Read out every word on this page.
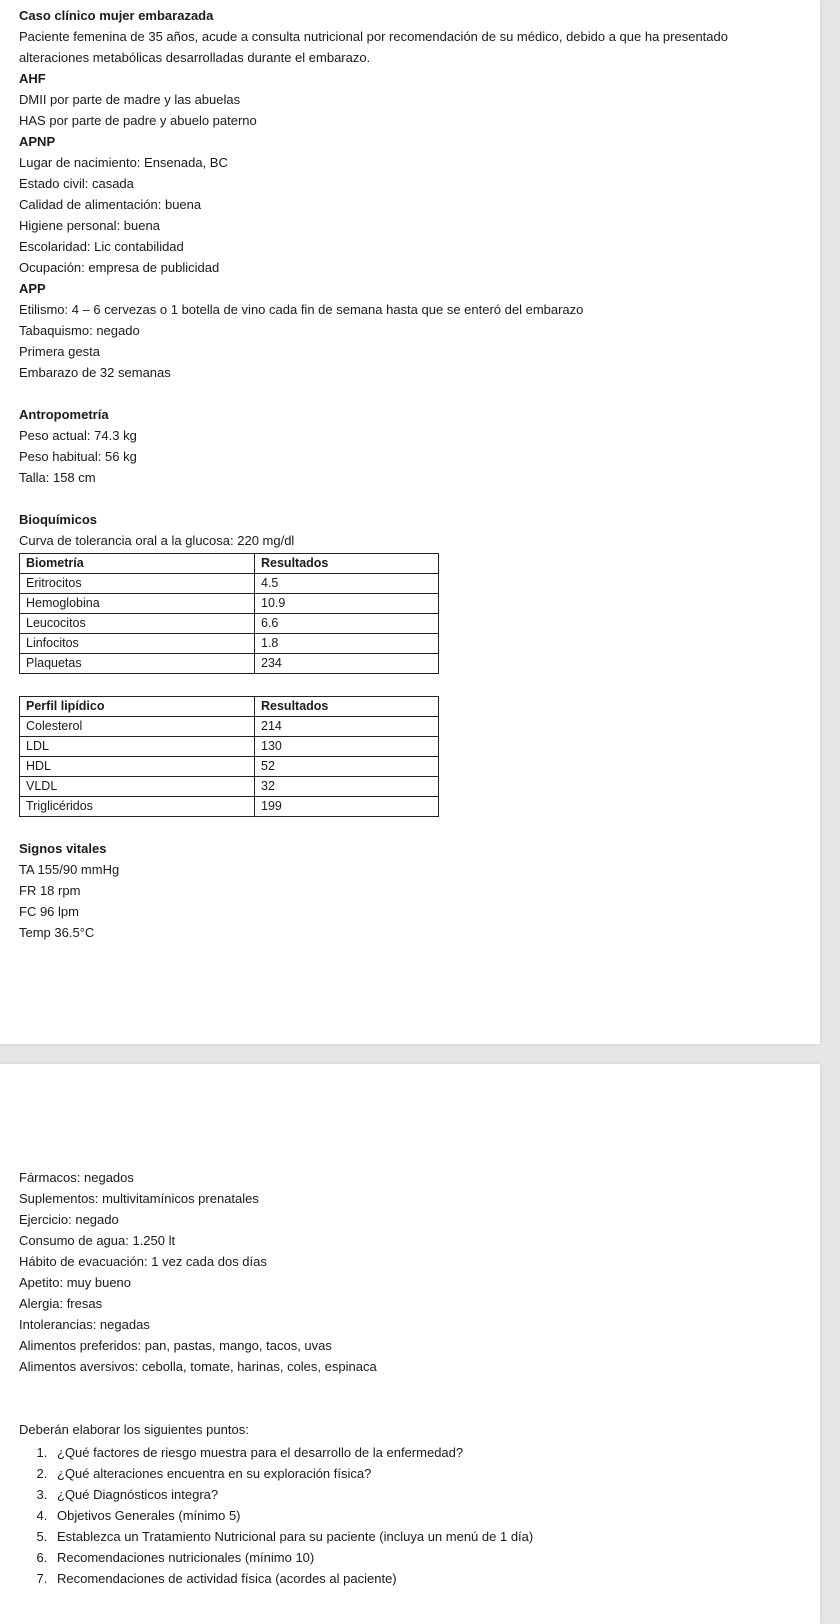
Caso clínico mujer embarazada
Paciente femenina de 35 años, acude a consulta nutricional por recomendación de su médico, debido a que ha presentado alteraciones metabólicas desarrolladas durante el embarazo.
AHF
DMII por parte de madre y las abuelas
HAS por parte de padre y abuelo paterno
APNP
Lugar de nacimiento: Ensenada, BC
Estado civil: casada
Calidad de alimentación: buena
Higiene personal: buena
Escolaridad: Lic contabilidad
Ocupación: empresa de publicidad
APP
Etilismo: 4 – 6 cervezas o 1 botella de vino cada fin de semana hasta que se enteró del embarazo
Tabaquismo: negado
Primera gesta
Embarazo de 32 semanas
Antropometría
Peso actual: 74.3 kg
Peso habitual: 56 kg
Talla: 158 cm
Bioquímicos
Curva de tolerancia oral a la glucosa: 220 mg/dl
Biometría	Resultados
Eritrocitos	4.5
Hemoglobina	10.9
Leucocitos	6.6
Linfocitos	1.8
Plaquetas	234
Perfil lipídico	Resultados
Colesterol	214
LDL	130
HDL	52
VLDL	32
Triglicéridos	199
Signos vitales
TA 155/90 mmHg
FR 18 rpm
FC 96 lpm
Temp 36.5°C
Fármacos: negados
Suplementos: multivitamínicos prenatales
Ejercicio: negado
Consumo de agua: 1.250 lt
Hábito de evacuación: 1 vez cada dos días
Apetito: muy bueno
Alergia: fresas
Intolerancias: negadas
Alimentos preferidos: pan, pastas, mango, tacos, uvas
Alimentos aversivos: cebolla, tomate, harinas, coles, espinaca
Deberán elaborar los siguientes puntos:
1. ¿Qué factores de riesgo muestra para el desarrollo de la enfermedad?
2. ¿Qué alteraciones encuentra en su exploración física?
3. ¿Qué Diagnósticos integra?
4. Objetivos Generales (mínimo 5)
5. Establezca un Tratamiento Nutricional para su paciente (incluya un menú de 1 día)
6. Recomendaciones nutricionales (mínimo 10)
7. Recomendaciones de actividad física (acordes al paciente)
